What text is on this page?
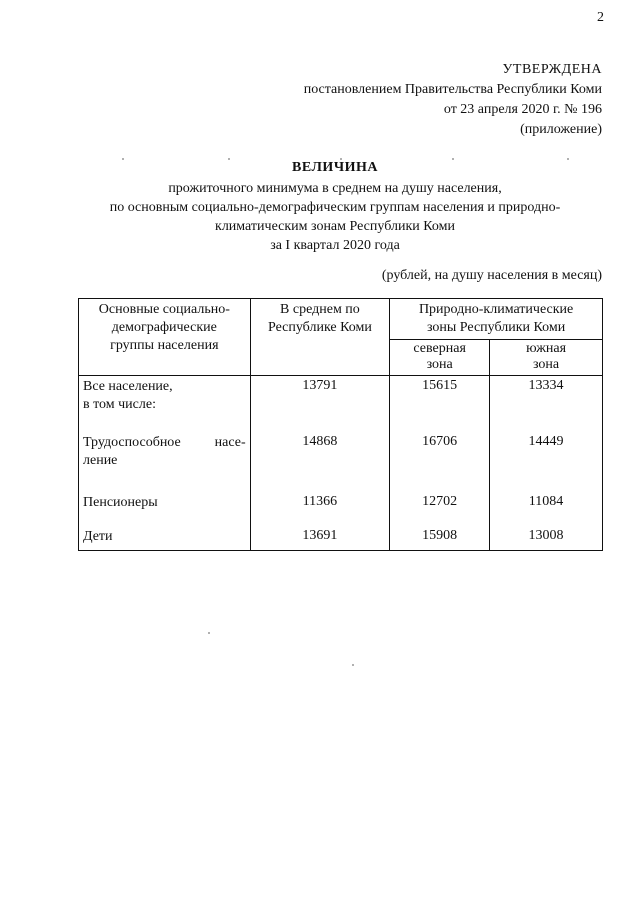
2
УТВЕРЖДЕНА
постановлением Правительства Республики Коми
от 23 апреля 2020 г. № 196
(приложение)
ВЕЛИЧИНА
прожиточного минимума в среднем на душу населения,
по основным социально-демографическим группам населения и природно-
климатическим зонам Республики Коми
за I квартал 2020 года
(рублей, на душу населения в месяц)
Основные социально-демографические группы населения	В среднем по Республике Коми	Природно-климатические зоны Республики Коми	
		северная зона	южная зона

Все население,
в том числе:	13791	15615	13334

Трудоспособное насе-
ление	14868	16706	14449

Пенсионеры	11366	12702	11084

Дети	13691	15908	13008
